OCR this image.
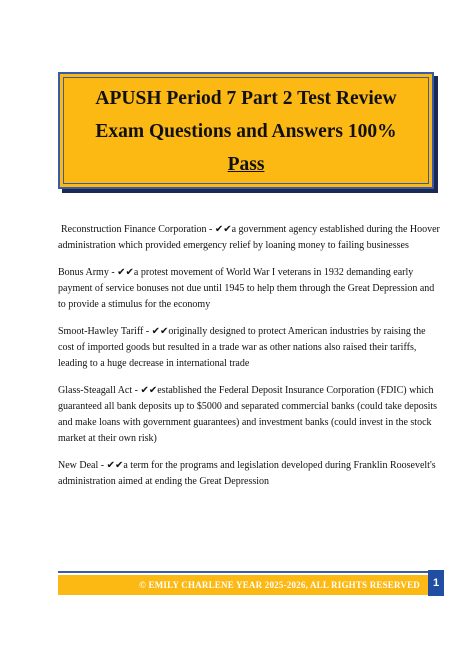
APUSH Period 7 Part 2 Test Review
Exam Questions and Answers 100%
Pass

Reconstruction Finance Corporation - ✔✔a government agency established during the Hoover administration which provided emergency relief by loaning money to failing businesses

Bonus Army - ✔✔a protest movement of World War I veterans in 1932 demanding early payment of service bonuses not due until 1945 to help them through the Great Depression and to provide a stimulus for the economy

Smoot-Hawley Tariff - ✔✔originally designed to protect American industries by raising the cost of imported goods but resulted in a trade war as other nations also raised their tariffs, leading to a huge decrease in international trade

Glass-Steagall Act - ✔✔established the Federal Deposit Insurance Corporation (FDIC) which guaranteed all bank deposits up to $5000 and separated commercial banks (could take deposits and make loans with government guarantees) and investment banks (could invest in the stock market at their own risk)

New Deal - ✔✔a term for the programs and legislation developed during Franklin Roosevelt's administration aimed at ending the Great Depression

© EMILY CHARLENE YEAR 2025-2026, ALL RIGHTS RESERVED	1
